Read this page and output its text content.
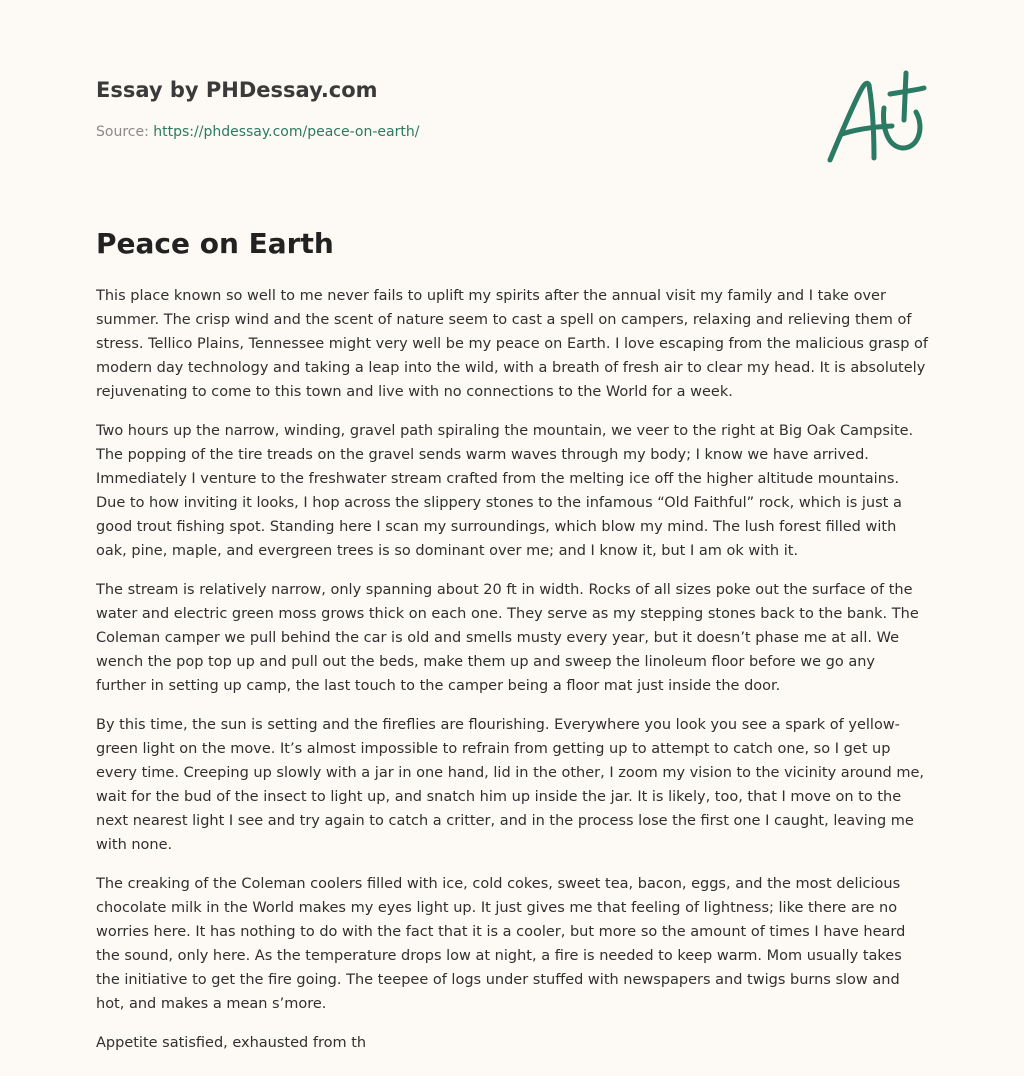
Essay by PHDessay.com
Source: https://phdessay.com/peace-on-earth/
Peace on Earth

This place known so well to me never fails to uplift my spirits after the annual visit my family and I take over summer. The crisp wind and the scent of nature seem to cast a spell on campers, relaxing and relieving them of stress. Tellico Plains, Tennessee might very well be my peace on Earth. I love escaping from the malicious grasp of modern day technology and taking a leap into the wild, with a breath of fresh air to clear my head. It is absolutely rejuvenating to come to this town and live with no connections to the World for a week.

Two hours up the narrow, winding, gravel path spiraling the mountain, we veer to the right at Big Oak Campsite. The popping of the tire treads on the gravel sends warm waves through my body; I know we have arrived. Immediately I venture to the freshwater stream crafted from the melting ice off the higher altitude mountains. Due to how inviting it looks, I hop across the slippery stones to the infamous “Old Faithful” rock, which is just a good trout fishing spot. Standing here I scan my surroundings, which blow my mind. The lush forest filled with oak, pine, maple, and evergreen trees is so dominant over me; and I know it, but I am ok with it.

The stream is relatively narrow, only spanning about 20 ft in width. Rocks of all sizes poke out the surface of the water and electric green moss grows thick on each one. They serve as my stepping stones back to the bank. The Coleman camper we pull behind the car is old and smells musty every year, but it doesn’t phase me at all. We wench the pop top up and pull out the beds, make them up and sweep the linoleum floor before we go any further in setting up camp, the last touch to the camper being a floor mat just inside the door.

By this time, the sun is setting and the fireflies are flourishing. Everywhere you look you see a spark of yellow-green light on the move. It’s almost impossible to refrain from getting up to attempt to catch one, so I get up every time. Creeping up slowly with a jar in one hand, lid in the other, I zoom my vision to the vicinity around me, wait for the bud of the insect to light up, and snatch him up inside the jar. It is likely, too, that I move on to the next nearest light I see and try again to catch a critter, and in the process lose the first one I caught, leaving me with none.

The creaking of the Coleman coolers filled with ice, cold cokes, sweet tea, bacon, eggs, and the most delicious chocolate milk in the World makes my eyes light up. It just gives me that feeling of lightness; like there are no worries here. It has nothing to do with the fact that it is a cooler, but more so the amount of times I have heard the sound, only here. As the temperature drops low at night, a fire is needed to keep warm. Mom usually takes the initiative to get the fire going. The teepee of logs under stuffed with newspapers and twigs burns slow and hot, and makes a mean s’more.

Appetite satisfied, exhausted from th
